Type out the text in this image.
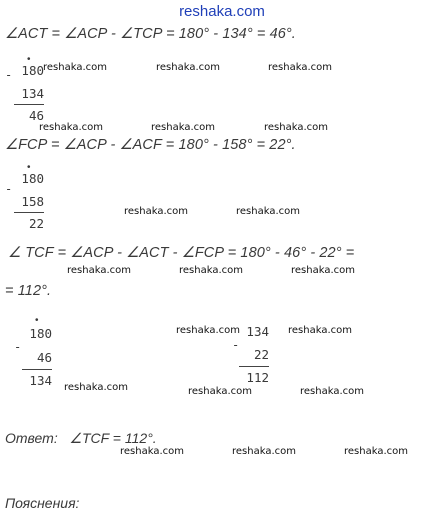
reshaka.com
∠ACT = ∠ACP - ∠TCP = 180° - 134° = 46°.
•
- 180
134
46
reshaka.com	reshaka.com	reshaka.com
reshaka.com	reshaka.com	reshaka.com
∠FCP = ∠ACP - ∠ACF = 180° - 158° = 22°.
•
-
180
158
22
reshaka.com	reshaka.com
∠ TCF = ∠ACP - ∠ACT - ∠FCP = 180° - 46° - 22° =
reshaka.com	reshaka.com	reshaka.com
= 112°.
•
-
180
46
134
-
134
22
112
reshaka.com	reshaka.com
reshaka.com	reshaka.com	reshaka.com
Ответ: ∠TCF = 112°.
reshaka.com	reshaka.com	reshaka.com
Пояснения:
